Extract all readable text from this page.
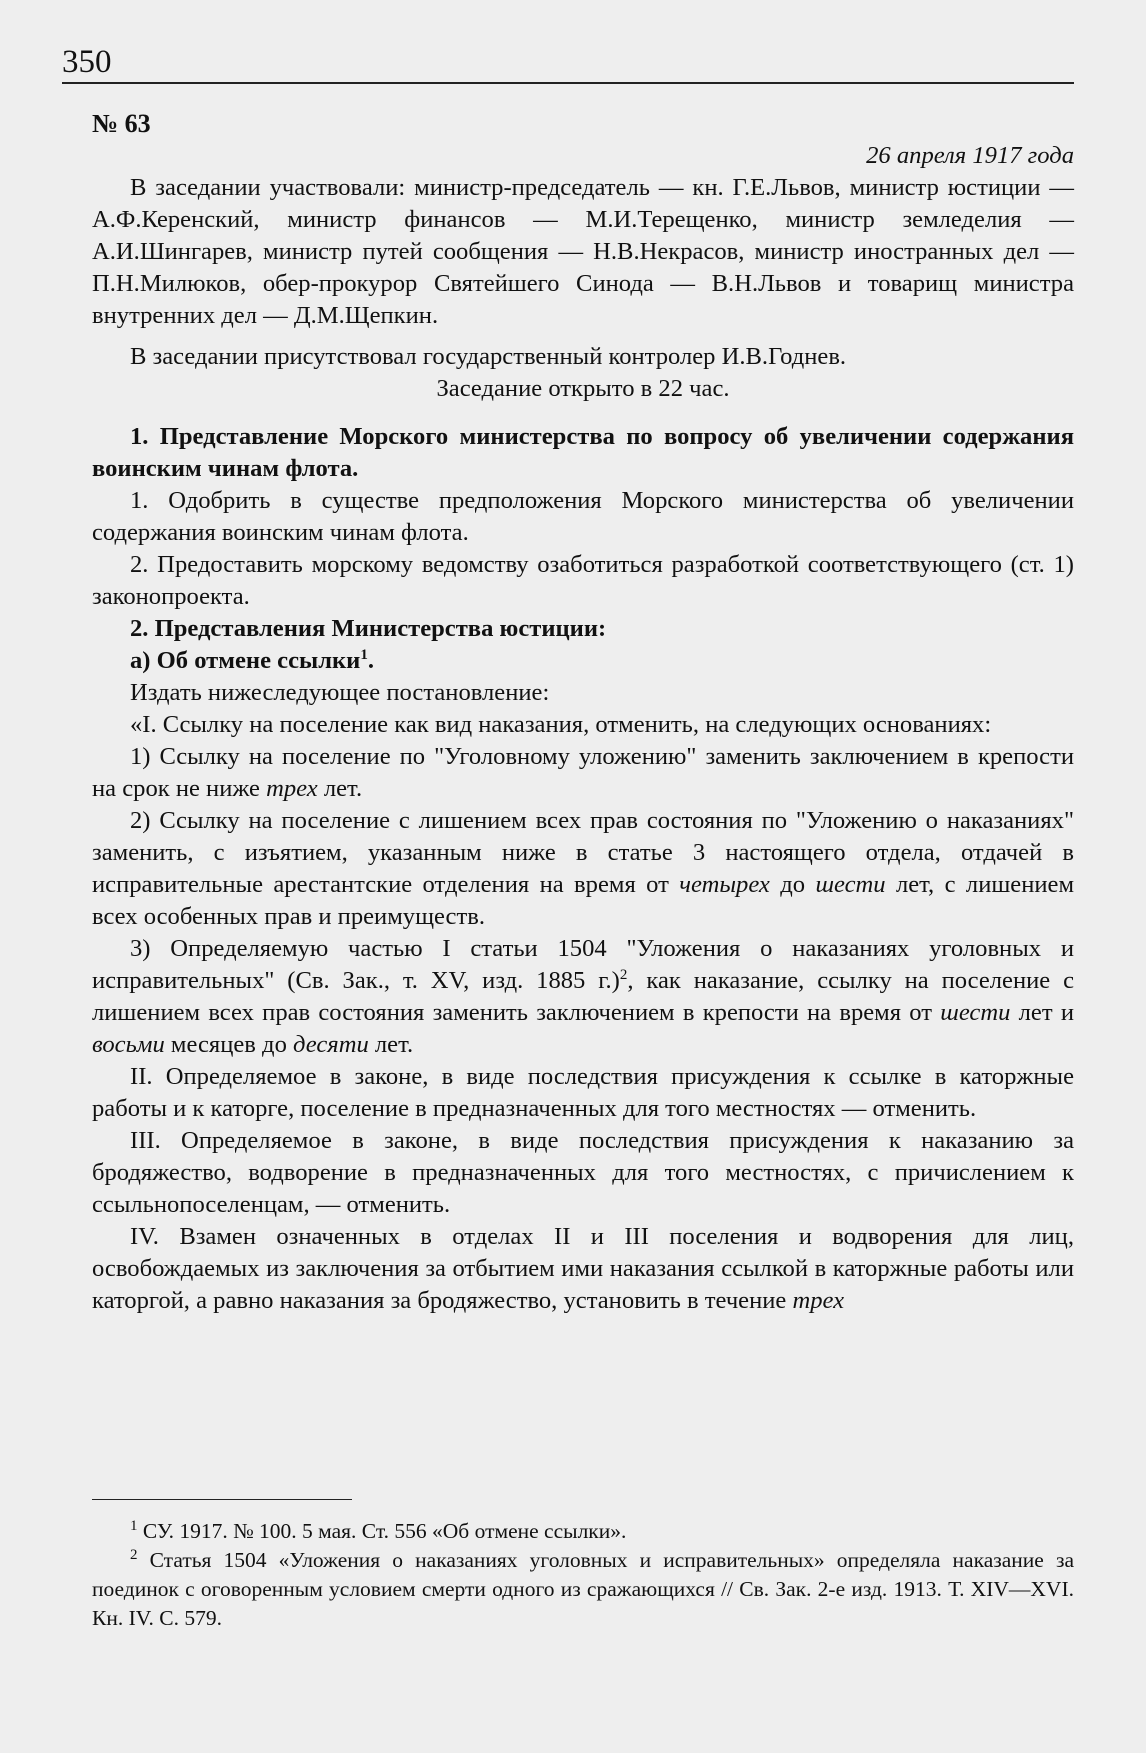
350

№ 63

26 апреля 1917 года

В заседании участвовали: министр-председатель — кн. Г.Е.Львов, министр юстиции — А.Ф.Керенский, министр финансов — М.И.Терещенко, министр земледелия — А.И.Шингарев, министр путей сообщения — Н.В.Некрасов, министр иностранных дел — П.Н.Милюков, обер-прокурор Святейшего Синода — В.Н.Львов и товарищ министра внутренних дел — Д.М.Щепкин.

В заседании присутствовал государственный контролер И.В.Годнев.

Заседание открыто в 22 час.

1. Представление Морского министерства по вопросу об увеличении содержания воинским чинам флота.

1. Одобрить в существе предположения Морского министерства об увеличении содержания воинским чинам флота.

2. Предоставить морскому ведомству озаботиться разработкой соответствующего (ст. 1) законопроекта.

2. Представления Министерства юстиции:

а) Об отмене ссылки$^1$.

Издать нижеследующее постановление:

«I. Ссылку на поселение как вид наказания, отменить, на следующих основаниях:

1) Ссылку на поселение по "Уголовному уложению" заменить заключением в крепости на срок не ниже трех лет.

2) Ссылку на поселение с лишением всех прав состояния по "Уложению о наказаниях" заменить, с изъятием, указанным ниже в статье 3 настоящего отдела, отдачей в исправительные арестантские отделения на время от четырех до шести лет, с лишением всех особенных прав и преимуществ.

3) Определяемую частью I статьи 1504 "Уложения о наказаниях уголовных и исправительных" (Св. Зак., т. XV, изд. 1885 г.)$^2$, как наказание, ссылку на поселение с лишением всех прав состояния заменить заключением в крепости на время от шести лет и восьми месяцев до десяти лет.

II. Определяемое в законе, в виде последствия присуждения к ссылке в каторжные работы и к каторге, поселение в предназначенных для того местностях — отменить.

III. Определяемое в законе, в виде последствия присуждения к наказанию за бродяжество, водворение в предназначенных для того местностях, с причислением к ссыльнопоселенцам, — отменить.

IV. Взамен означенных в отделах II и III поселения и водворения для лиц, освобождаемых из заключения за отбытием ими наказания ссылкой в каторжные работы или каторгой, а равно наказания за бродяжество, установить в течение трех

$^1$ СУ. 1917. № 100. 5 мая. Ст. 556 «Об отмене ссылки».

$^2$ Статья 1504 «Уложения о наказаниях уголовных и исправительных» определяла наказание за поединок с оговоренным условием смерти одного из сражающихся // Св. Зак. 2-е изд. 1913. Т. XIV—XVI. Кн. IV. С. 579.
